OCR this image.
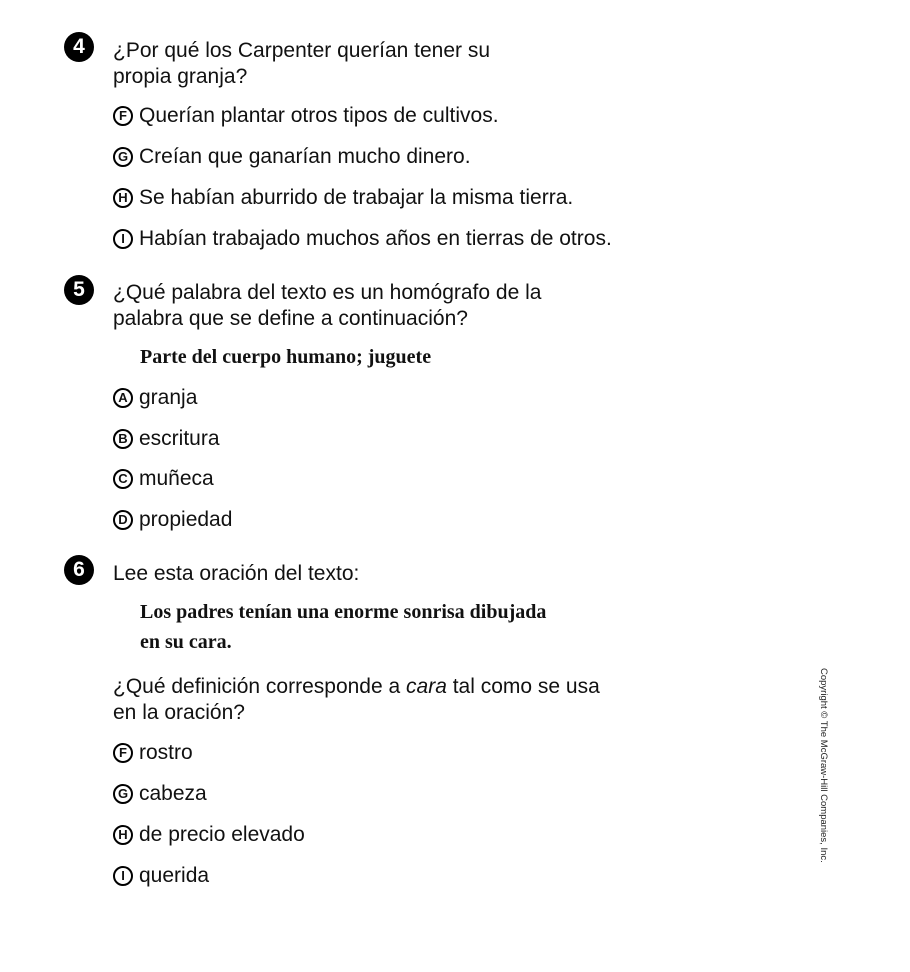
4	¿Por qué los Carpenter querían tener su
propia granja?

F Querían plantar otros tipos de cultivos.
G Creían que ganarían mucho dinero.
H Se habían aburrido de trabajar la misma tierra.
I Habían trabajado muchos años en tierras de otros.
5	¿Qué palabra del texto es un homógrafo de la
palabra que se define a continuación?

Parte del cuerpo humano; juguete
A granja
B escritura
C muñeca
D propiedad
6	Lee esta oración del texto:

Los padres tenían una enorme sonrisa dibujada
en su cara.

¿Qué definición corresponde a cara tal como se usa
en la oración?

F rostro
G cabeza
H de precio elevado
I querida
Copyright © The McGraw-Hill Companies, Inc.
